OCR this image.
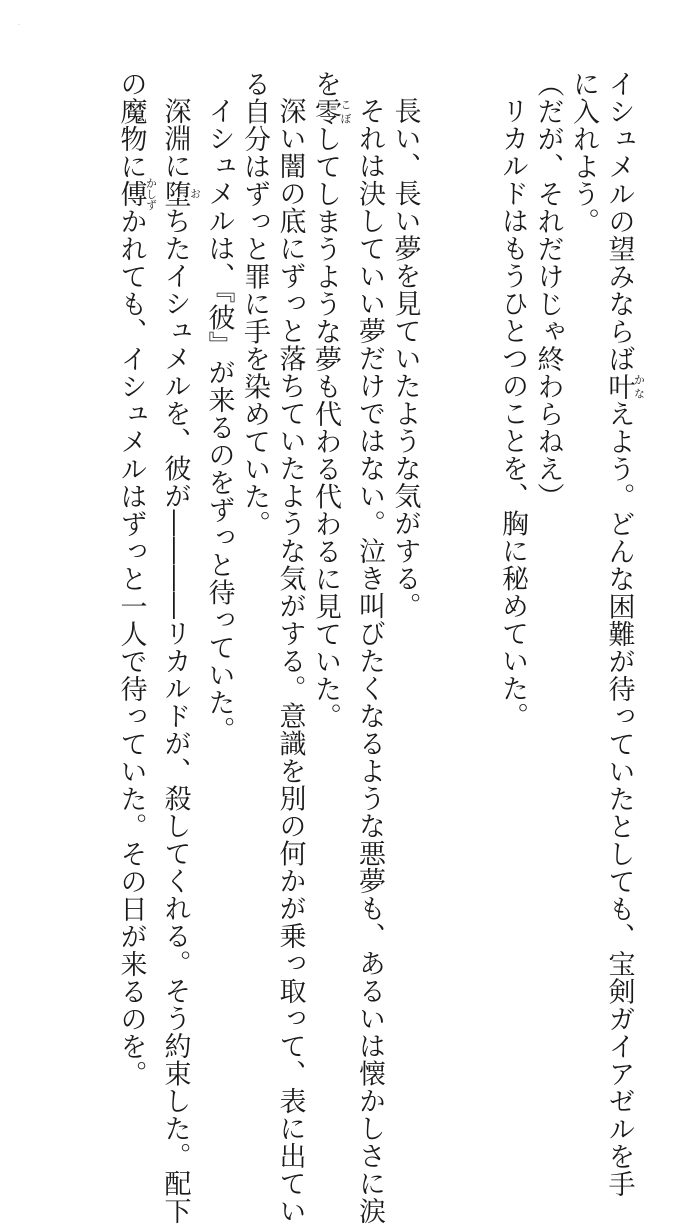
·
イシュメルの望みならば叶かなえよう。どんな困難が待っていたとしても、宝剣ガイアゼルを手
に入れよう。
（だが、それだけじゃ終わらねえ）
リカルドはもうひとつのことを、胸に秘めていた。
長い、長い夢を見ていたような気がする。
それは決していい夢だけではない。泣き叫びたくなるような悪夢も、あるいは懐かしさに涙
を零こぼしてしまうような夢も代わる代わるに見ていた。
深い闇の底にずっと落ちていたような気がする。意識を別の何かが乗っ取って、表に出てい
る自分はずっと罪に手を染めていた。
イシュメルは、『彼』が来るのをずっと待っていた。
深淵に堕おちたイシュメルを、彼が――――リカルドが、殺してくれる。そう約束した。配下
の魔物に傅かしずかれても、イシュメルはずっと一人で待っていた。その日が来るのを。
